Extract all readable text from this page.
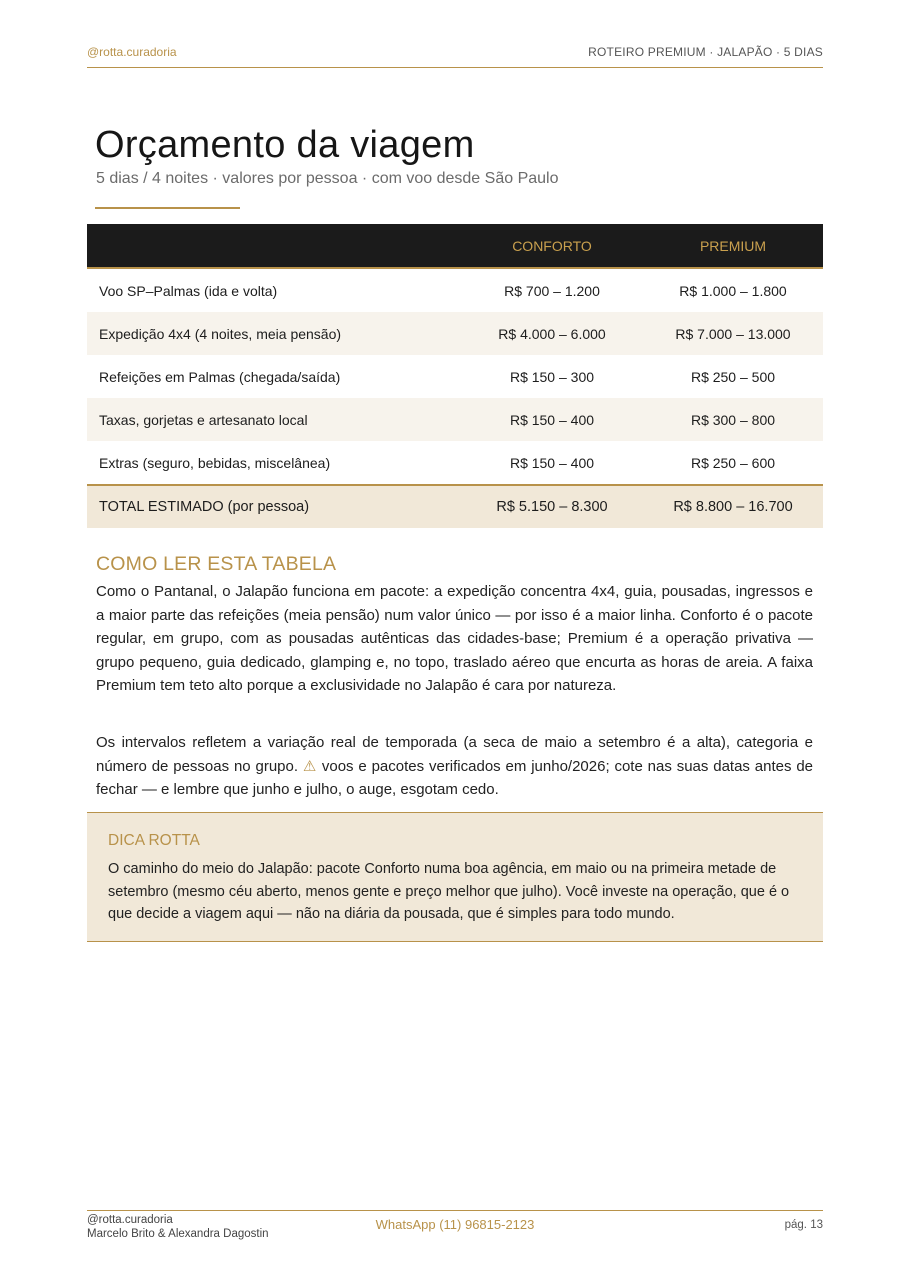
@rotta.curadoria	ROTEIRO PREMIUM · JALAPÃO · 5 DIAS
Orçamento da viagem
5 dias / 4 noites · valores por pessoa · com voo desde São Paulo
	CONFORTO	PREMIUM
Voo SP–Palmas (ida e volta)	R$ 700 – 1.200	R$ 1.000 – 1.800
Expedição 4x4 (4 noites, meia pensão)	R$ 4.000 – 6.000	R$ 7.000 – 13.000
Refeições em Palmas (chegada/saída)	R$ 150 – 300	R$ 250 – 500
Taxas, gorjetas e artesanato local	R$ 150 – 400	R$ 300 – 800
Extras (seguro, bebidas, miscelânea)	R$ 150 – 400	R$ 250 – 600
TOTAL ESTIMADO (por pessoa)	R$ 5.150 – 8.300	R$ 8.800 – 16.700
COMO LER ESTA TABELA

Como o Pantanal, o Jalapão funciona em pacote: a expedição concentra 4x4, guia, pousadas, ingressos e a maior parte das refeições (meia pensão) num valor único — por isso é a maior linha. Conforto é o pacote regular, em grupo, com as pousadas autênticas das cidades-base; Premium é a operação privativa — grupo pequeno, guia dedicado, glamping e, no topo, traslado aéreo que encurta as horas de areia. A faixa Premium tem teto alto porque a exclusividade no Jalapão é cara por natureza.

Os intervalos refletem a variação real de temporada (a seca de maio a setembro é a alta), categoria e número de pessoas no grupo. ⚠ voos e pacotes verificados em junho/2026; cote nas suas datas antes de fechar — e lembre que junho e julho, o auge, esgotam cedo.

DICA ROTTA
O caminho do meio do Jalapão: pacote Conforto numa boa agência, em maio ou na primeira metade de setembro (mesmo céu aberto, menos gente e preço melhor que julho). Você investe na operação, que é o que decide a viagem aqui — não na diária da pousada, que é simples para todo mundo.
@rotta.curadoria
Marcelo Brito & Alexandra Dagostin
WhatsApp (11) 96815-2123	pág. 13
